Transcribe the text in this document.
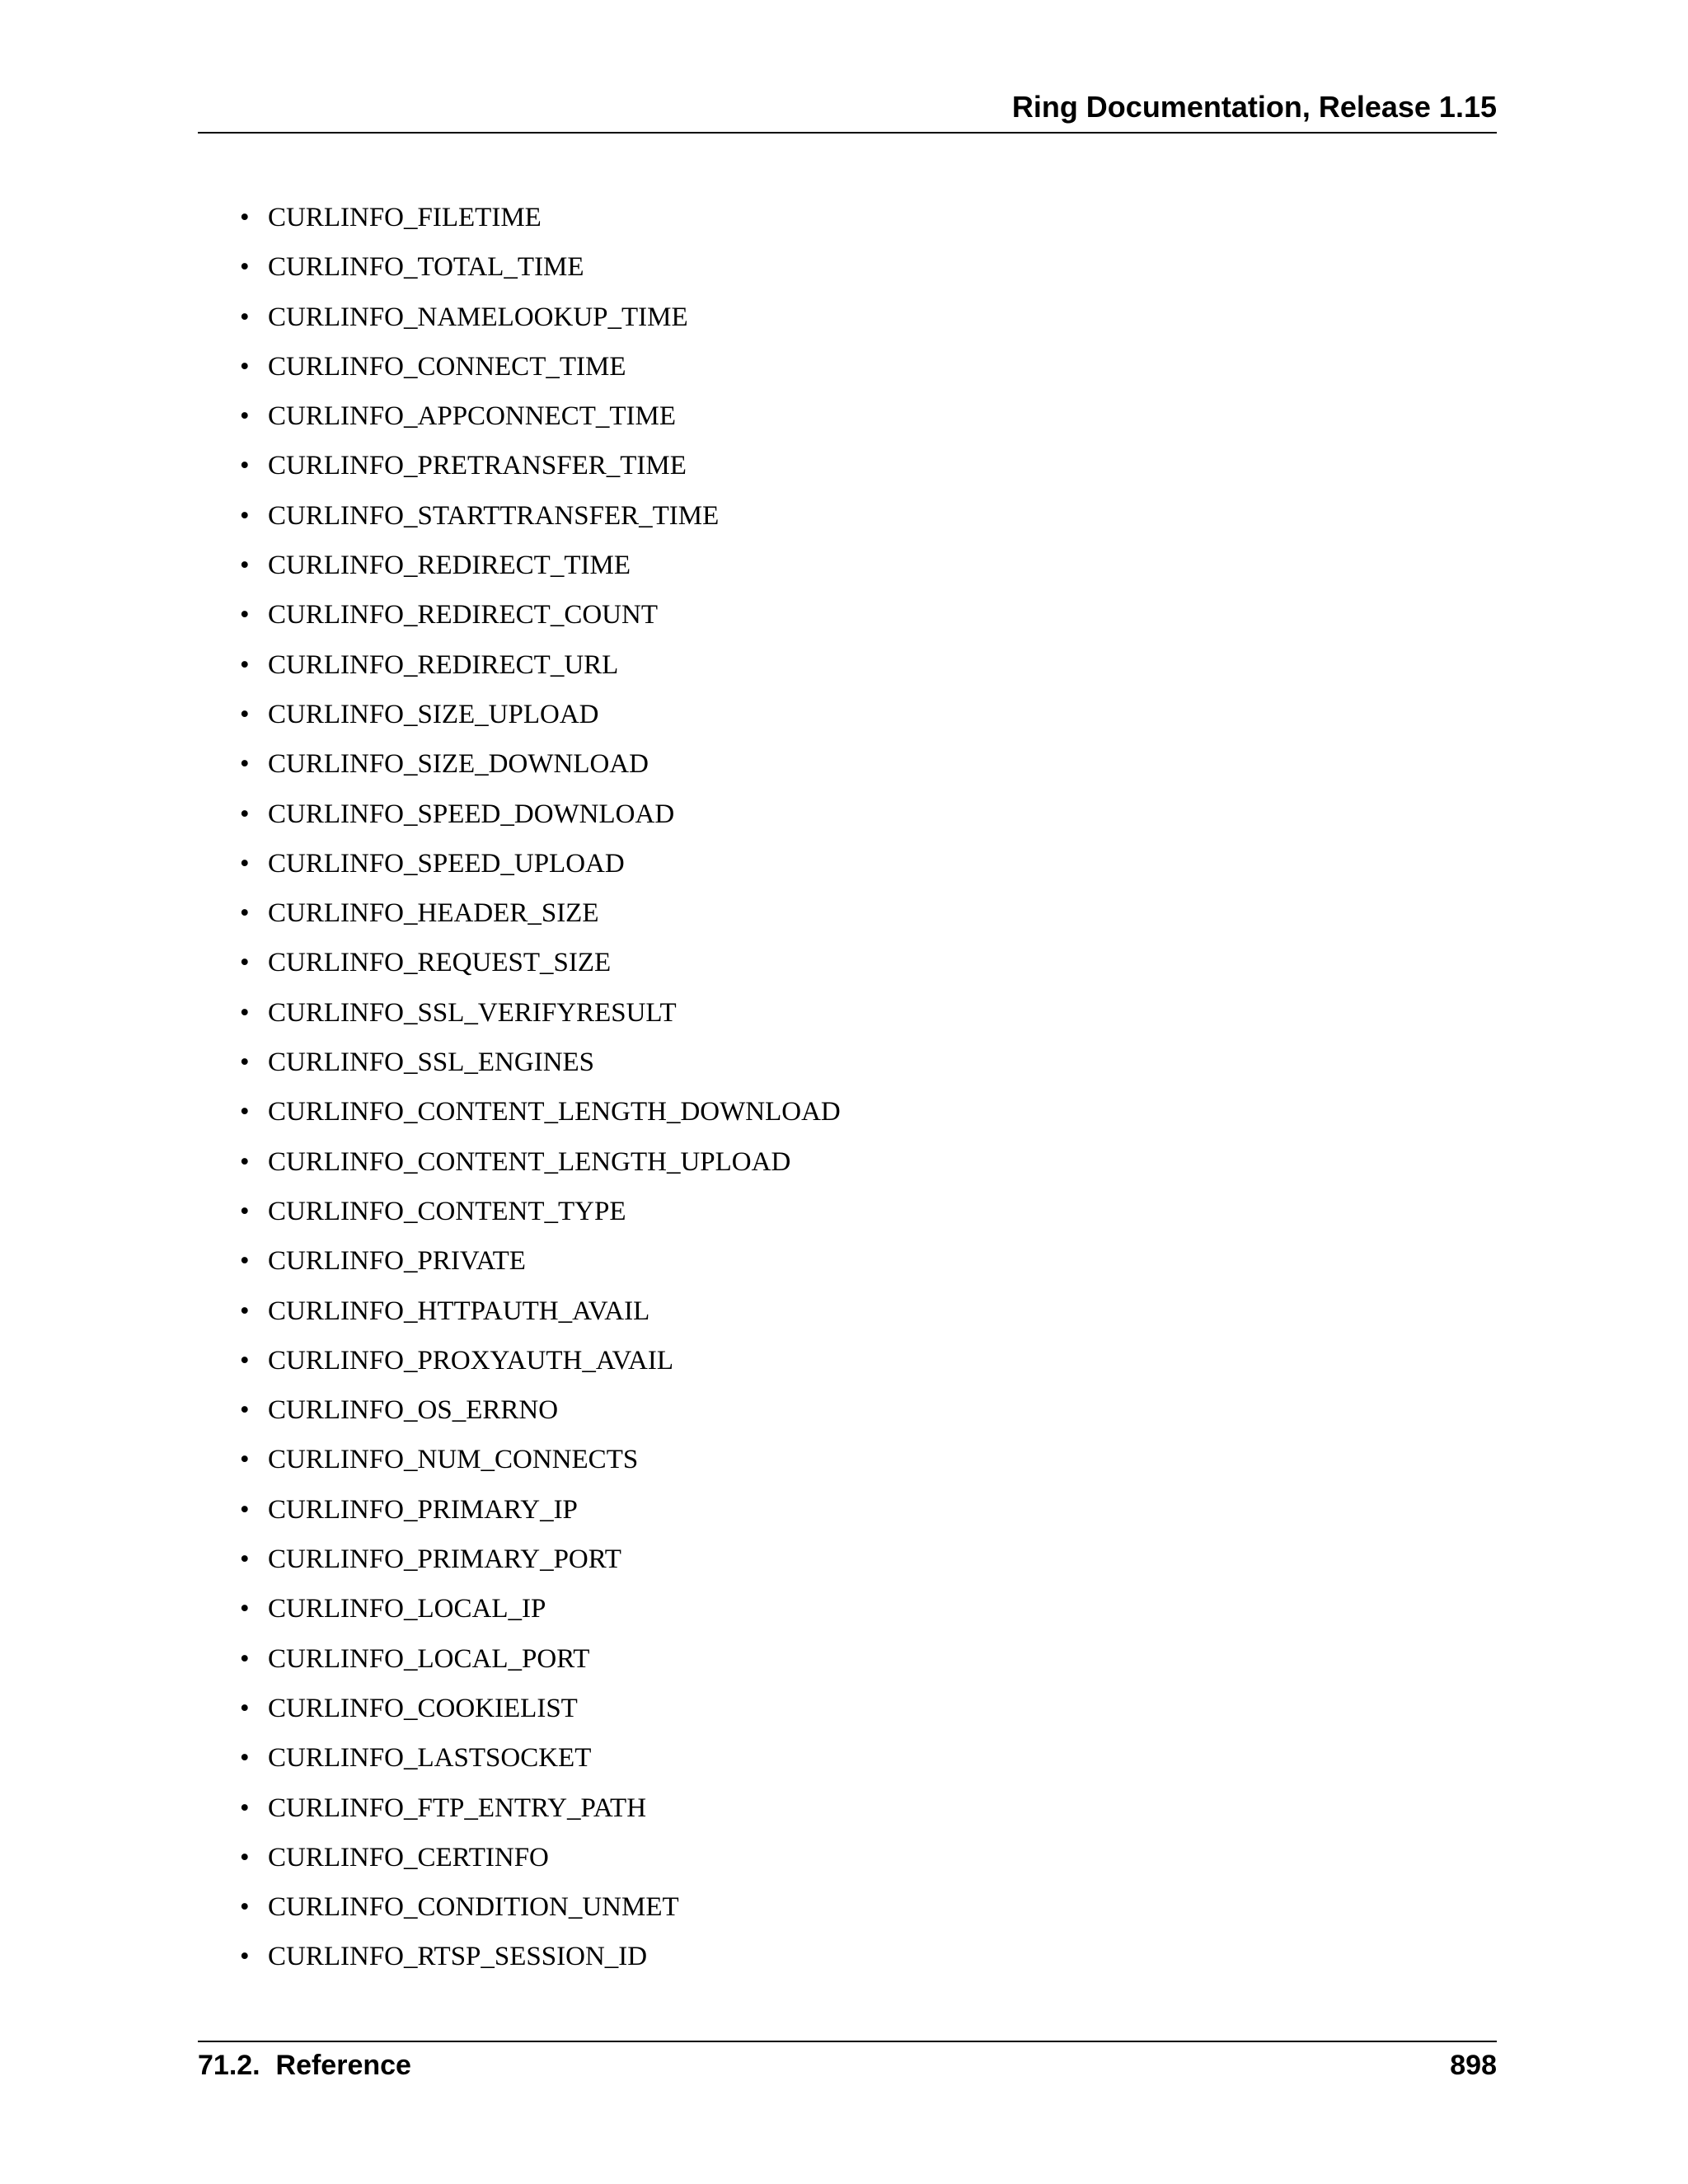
Ring Documentation, Release 1.15
• CURLINFO_FILETIME
• CURLINFO_TOTAL_TIME
• CURLINFO_NAMELOOKUP_TIME
• CURLINFO_CONNECT_TIME
• CURLINFO_APPCONNECT_TIME
• CURLINFO_PRETRANSFER_TIME
• CURLINFO_STARTTRANSFER_TIME
• CURLINFO_REDIRECT_TIME
• CURLINFO_REDIRECT_COUNT
• CURLINFO_REDIRECT_URL
• CURLINFO_SIZE_UPLOAD
• CURLINFO_SIZE_DOWNLOAD
• CURLINFO_SPEED_DOWNLOAD
• CURLINFO_SPEED_UPLOAD
• CURLINFO_HEADER_SIZE
• CURLINFO_REQUEST_SIZE
• CURLINFO_SSL_VERIFYRESULT
• CURLINFO_SSL_ENGINES
• CURLINFO_CONTENT_LENGTH_DOWNLOAD
• CURLINFO_CONTENT_LENGTH_UPLOAD
• CURLINFO_CONTENT_TYPE
• CURLINFO_PRIVATE
• CURLINFO_HTTPAUTH_AVAIL
• CURLINFO_PROXYAUTH_AVAIL
• CURLINFO_OS_ERRNO
• CURLINFO_NUM_CONNECTS
• CURLINFO_PRIMARY_IP
• CURLINFO_PRIMARY_PORT
• CURLINFO_LOCAL_IP
• CURLINFO_LOCAL_PORT
• CURLINFO_COOKIELIST
• CURLINFO_LASTSOCKET
• CURLINFO_FTP_ENTRY_PATH
• CURLINFO_CERTINFO
• CURLINFO_CONDITION_UNMET
• CURLINFO_RTSP_SESSION_ID
71.2.  Reference	898
